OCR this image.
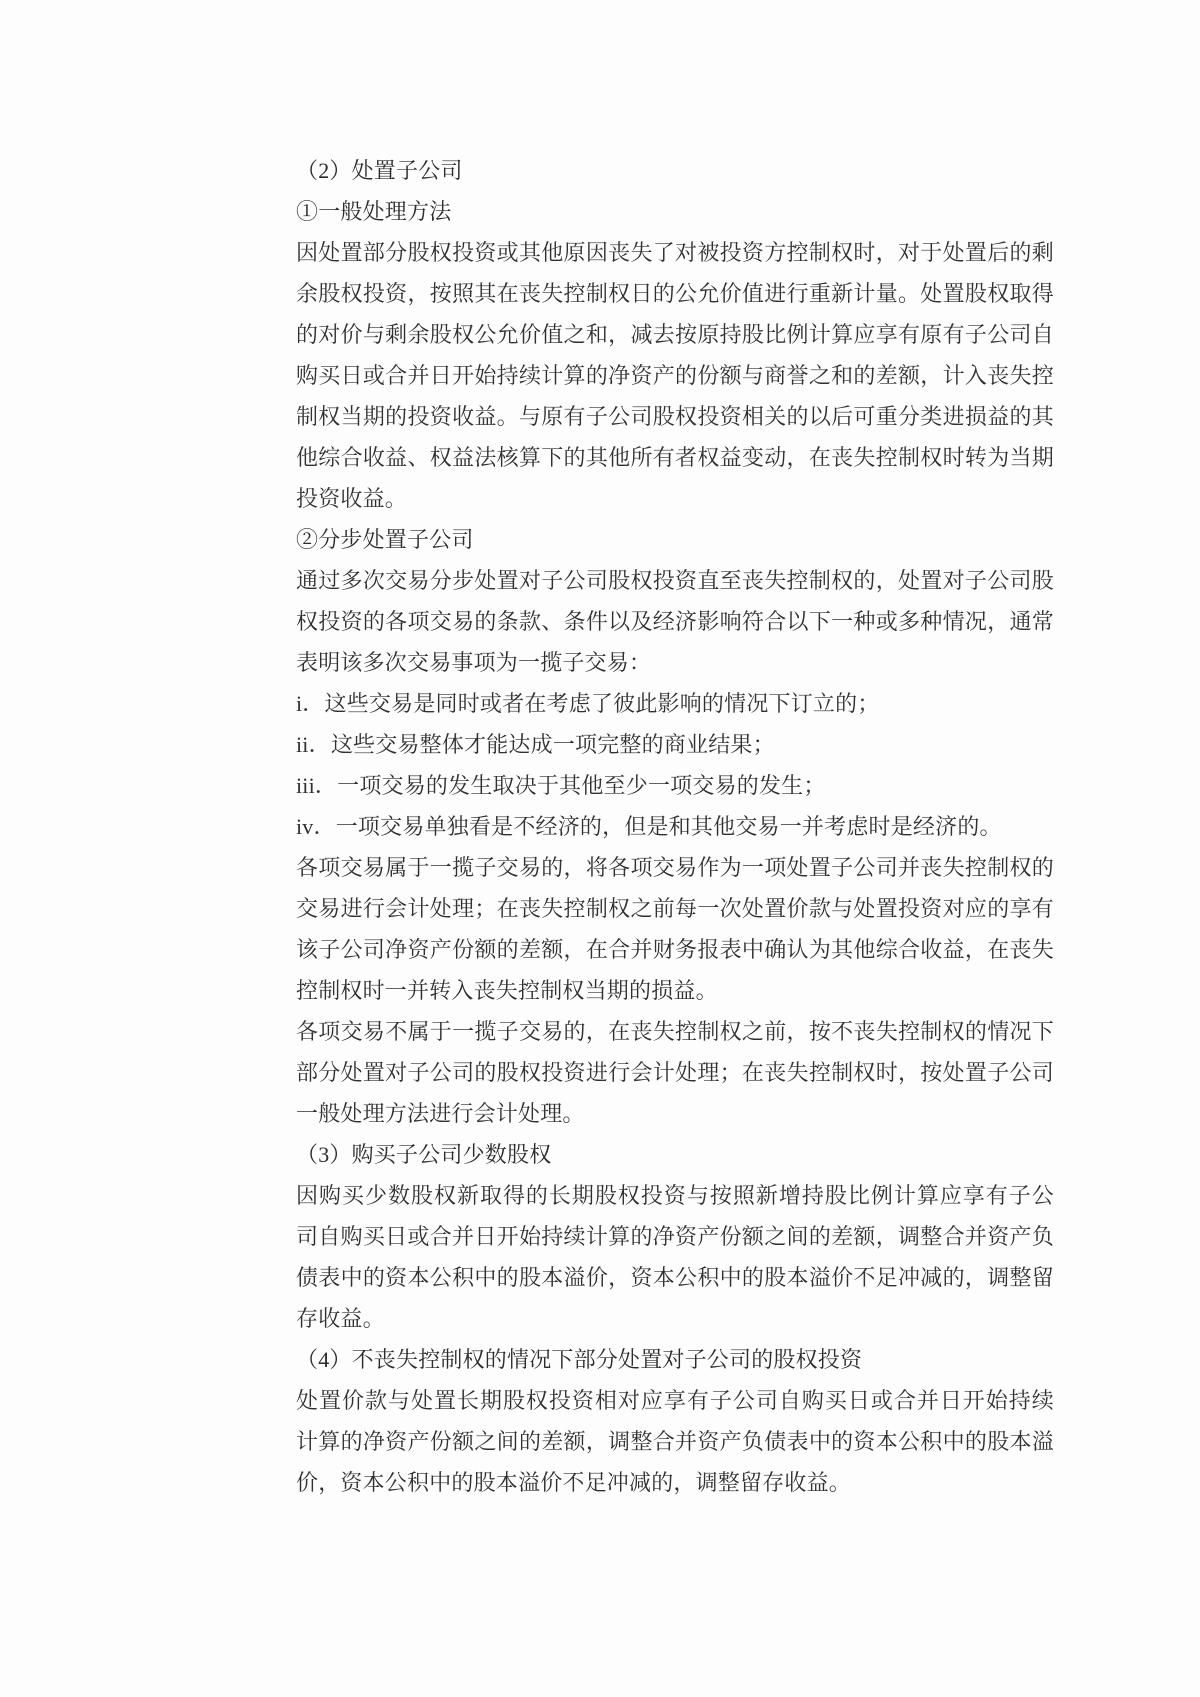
（2）处置子公司
①一般处理方法
因处置部分股权投资或其他原因丧失了对被投资方控制权时，对于处置后的剩
余股权投资，按照其在丧失控制权日的公允价值进行重新计量。处置股权取得
的对价与剩余股权公允价值之和，减去按原持股比例计算应享有原有子公司自
购买日或合并日开始持续计算的净资产的份额与商誉之和的差额，计入丧失控
制权当期的投资收益。与原有子公司股权投资相关的以后可重分类进损益的其
他综合收益、权益法核算下的其他所有者权益变动，在丧失控制权时转为当期
投资收益。
②分步处置子公司
通过多次交易分步处置对子公司股权投资直至丧失控制权的，处置对子公司股
权投资的各项交易的条款、条件以及经济影响符合以下一种或多种情况，通常
表明该多次交易事项为一揽子交易：
i．这些交易是同时或者在考虑了彼此影响的情况下订立的；
ii．这些交易整体才能达成一项完整的商业结果；
iii．一项交易的发生取决于其他至少一项交易的发生；
iv．一项交易单独看是不经济的，但是和其他交易一并考虑时是经济的。
各项交易属于一揽子交易的，将各项交易作为一项处置子公司并丧失控制权的
交易进行会计处理；在丧失控制权之前每一次处置价款与处置投资对应的享有
该子公司净资产份额的差额，在合并财务报表中确认为其他综合收益，在丧失
控制权时一并转入丧失控制权当期的损益。
各项交易不属于一揽子交易的，在丧失控制权之前，按不丧失控制权的情况下
部分处置对子公司的股权投资进行会计处理；在丧失控制权时，按处置子公司
一般处理方法进行会计处理。
（3）购买子公司少数股权
因购买少数股权新取得的长期股权投资与按照新增持股比例计算应享有子公
司自购买日或合并日开始持续计算的净资产份额之间的差额，调整合并资产负
债表中的资本公积中的股本溢价，资本公积中的股本溢价不足冲减的，调整留
存收益。
（4）不丧失控制权的情况下部分处置对子公司的股权投资
处置价款与处置长期股权投资相对应享有子公司自购买日或合并日开始持续
计算的净资产份额之间的差额，调整合并资产负债表中的资本公积中的股本溢
价，资本公积中的股本溢价不足冲减的，调整留存收益。
